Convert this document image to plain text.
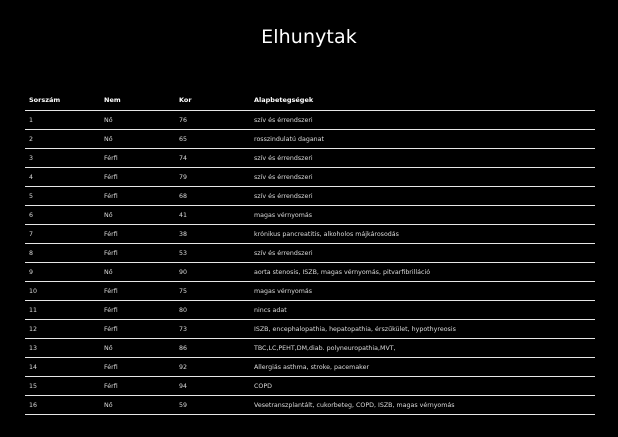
Elhunytak
Sorszám	Nem	Kor	Alapbetegségek
1	Nő	76	szív és érrendszeri
2	Nő	65	rosszindulatú daganat
3	Férfi	74	szív és érrendszeri
4	Férfi	79	szív és érrendszeri
5	Férfi	68	szív és érrendszeri
6	Nő	41	magas vérnyomás
7	Férfi	38	krónikus pancreatitis, alkoholos májkárosodás
8	Férfi	53	szív és érrendszeri
9	Nő	90	aorta stenosis, ISZB, magas vérnyomás, pitvarfibrilláció
10	Férfi	75	magas vérnyomás
11	Férfi	80	nincs adat
12	Férfi	73	ISZB, encephalopathia, hepatopathia, érszűkület, hypothyreosis
13	Nő	86	TBC,LC,PEHT,DM,diab. polyneuropathia,MVT,
14	Férfi	92	Allergiás asthma, stroke, pacemaker
15	Férfi	94	COPD
16	Nő	59	Vesetranszplantált, cukorbeteg, COPD, ISZB, magas vérnyomás
